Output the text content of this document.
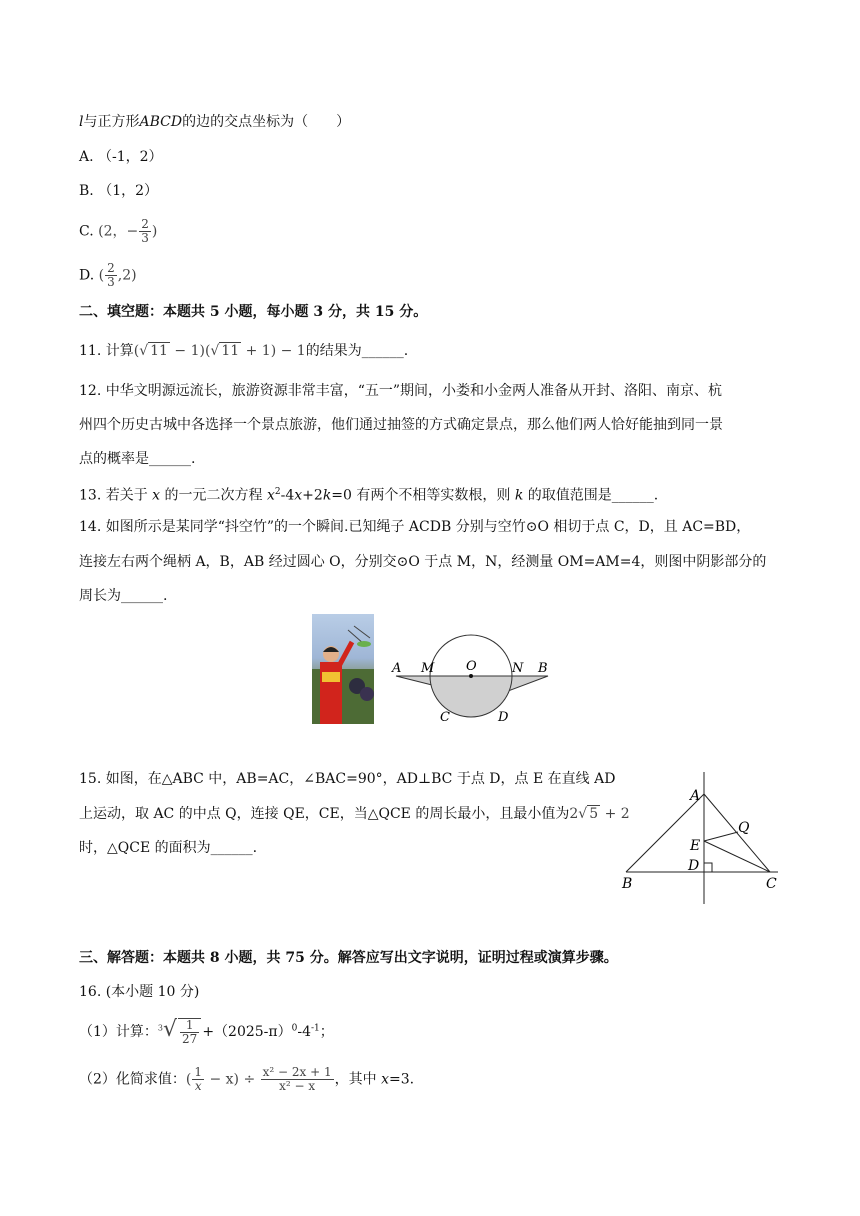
l与正方形ABCD的边的交点坐标为（　　）
A. （-1，2）
B. （1，2）
C. (2，− $\frac{2}{3}$ )
D. ( $\frac{2}{3} ,2$)
二、填空题：本题共 5 小题，每小题 3 分，共 15 分。
11. 计算(√ 11 − 1)(√ 11 + 1) − 1的结果为______.
12. 中华文明源远流长，旅游资源非常丰富，“五一”期间，小娄和小金两人准备从开封、洛阳、南京、杭
州四个历史古城中各选择一个景点旅游，他们通过抽签的方式确定景点，那么他们两人恰好能抽到同一景
点的概率是______.
13. 若关于 x 的一元二次方程 $x^2-4x+2k=0$ 有两个不相等实数根，则 k 的取值范围是______.
14. 如图所示是某同学“抖空竹”的一个瞬间.已知绳子 ACDB 分别与空竹⊙O 相切于点 C，D，且 AC=BD，
连接左右两个绳柄 A，B，AB 经过圆心 O，分别交⊙O 于点 M，N，经测量 OM=AM=4，则图中阴影部分的
周长为______.
A M O	N B
C	D
15. 如图，在△ABC 中，AB=AC，∠BAC=90°，AD⊥BC 于点 D，点 E 在直线 AD
上运动，取 AC 的中点 Q，连接 QE，CE，当△QCE 的周长最小，且最小值为2√ 5 + 2
时，△QCE 的面积为______.
A
Q
E
D
B	C
三、解答题：本题共 8 小题，共 75 分。解答应写出文字说明，证明过程或演算步骤。
16. (本小题 10 分)
（1）计算：$^3√ \frac{1}{27} +(2025-\pi)^0-4^{-1}$；
（2）化简求值：( $\frac{1}{x} - x) \div \frac{\text{x² − 2x + 1}}{\text{x² − x}}$ ，其中 x=3.
